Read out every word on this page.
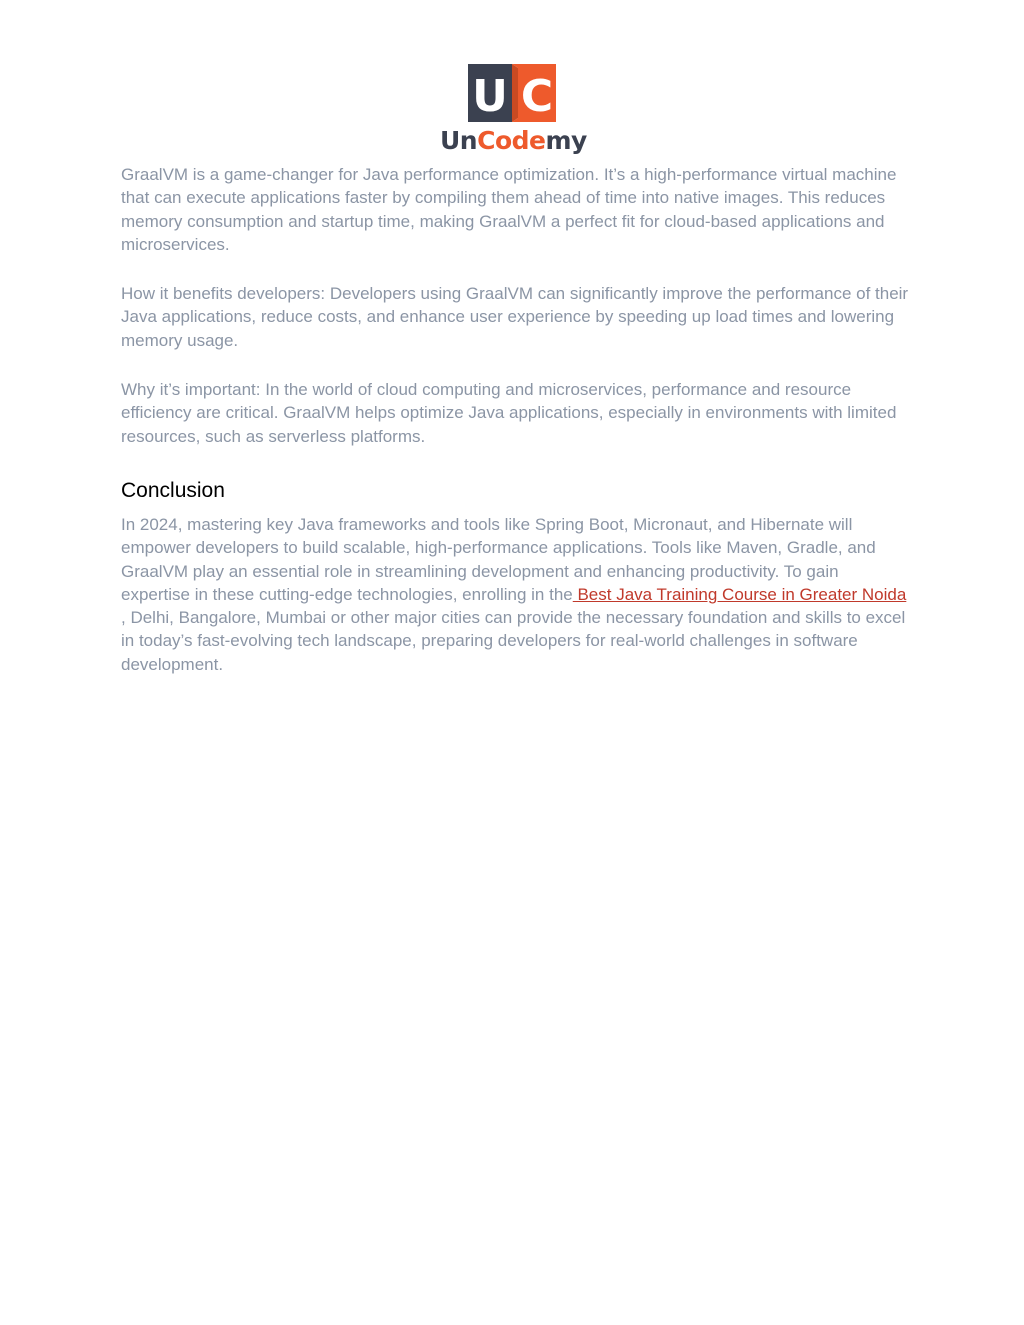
U C
UnCodemy

GraalVM is a game-changer for Java performance optimization. It’s a high-performance virtual machine that can execute applications faster by compiling them ahead of time into native images. This reduces memory consumption and startup time, making GraalVM a perfect fit for cloud-based applications and microservices.

How it benefits developers: Developers using GraalVM can significantly improve the performance of their Java applications, reduce costs, and enhance user experience by speeding up load times and lowering memory usage.

Why it’s important: In the world of cloud computing and microservices, performance and resource efficiency are critical. GraalVM helps optimize Java applications, especially in environments with limited resources, such as serverless platforms.

Conclusion

In 2024, mastering key Java frameworks and tools like Spring Boot, Micronaut, and Hibernate will empower developers to build scalable, high-performance applications. Tools like Maven, Gradle, and GraalVM play an essential role in streamlining development and enhancing productivity. To gain expertise in these cutting-edge technologies, enrolling in the Best Java Training Course in Greater Noida , Delhi, Bangalore, Mumbai or other major cities can provide the necessary foundation and skills to excel in today’s fast-evolving tech landscape, preparing developers for real-world challenges in software development.
